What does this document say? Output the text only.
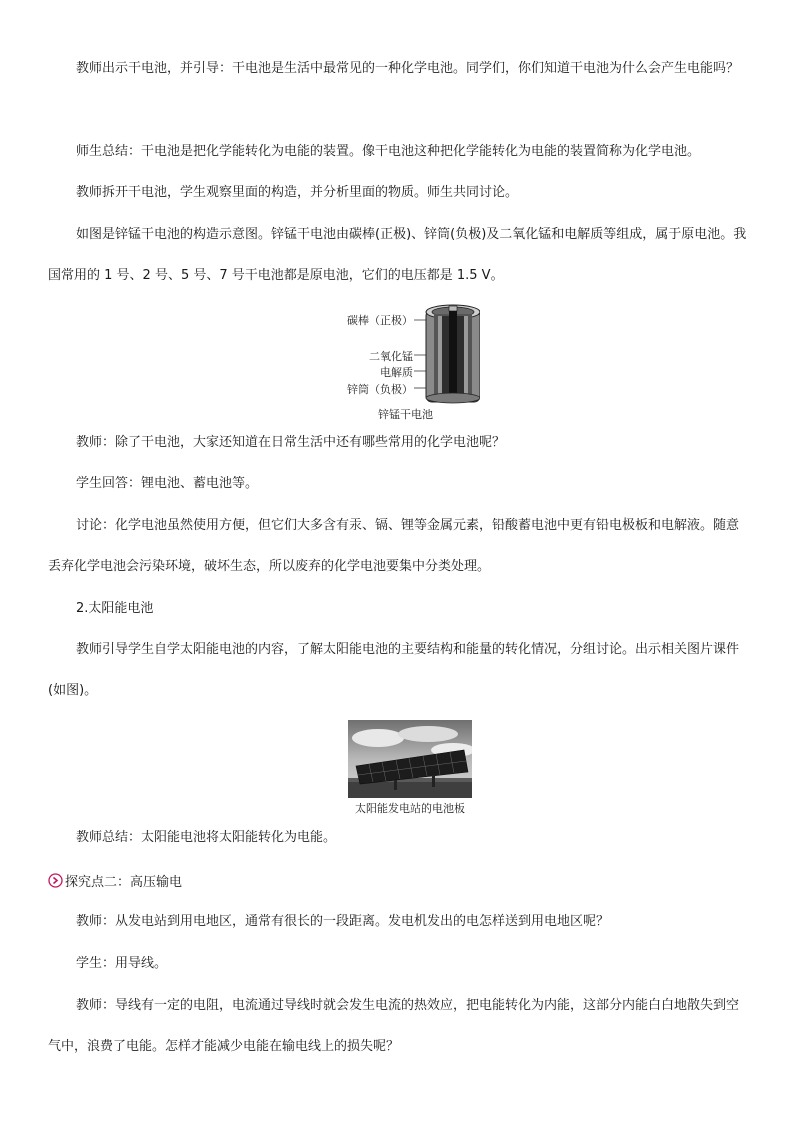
教师出示干电池，并引导：干电池是生活中最常见的一种化学电池。同学们，你们知道干电池为什么会产生电能吗？

师生总结：干电池是把化学能转化为电能的装置。像干电池这种把化学能转化为电能的装置简称为化学电池。

教师拆开干电池，学生观察里面的构造，并分析里面的物质。师生共同讨论。

如图是锌锰干电池的构造示意图。锌锰干电池由碳棒(正极)、锌筒(负极)及二氧化锰和电解质等组成，属于原电池。我国常用的 1 号、2 号、5 号、7 号干电池都是原电池，它们的电压都是 1.5 V。

碳棒（正极）
二氧化锰
电解质
锌筒（负极）
锌锰干电池

教师：除了干电池，大家还知道在日常生活中还有哪些常用的化学电池呢？

学生回答：锂电池、蓄电池等。

讨论：化学电池虽然使用方便，但它们大多含有汞、镉、锂等金属元素，铅酸蓄电池中更有铅电极板和电解液。随意丢弃化学电池会污染环境，破坏生态，所以废弃的化学电池要集中分类处理。

2.太阳能电池

教师引导学生自学太阳能电池的内容，了解太阳能电池的主要结构和能量的转化情况，分组讨论。出示相关图片课件(如图)。

太阳能发电站的电池板

教师总结：太阳能电池将太阳能转化为电能。

探究点二：高压输电

教师：从发电站到用电地区，通常有很长的一段距离。发电机发出的电怎样送到用电地区呢？

学生：用导线。

教师：导线有一定的电阻，电流通过导线时就会发生电流的热效应，把电能转化为内能，这部分内能白白地散失到空气中，浪费了电能。怎样才能减少电能在输电线上的损失呢？
